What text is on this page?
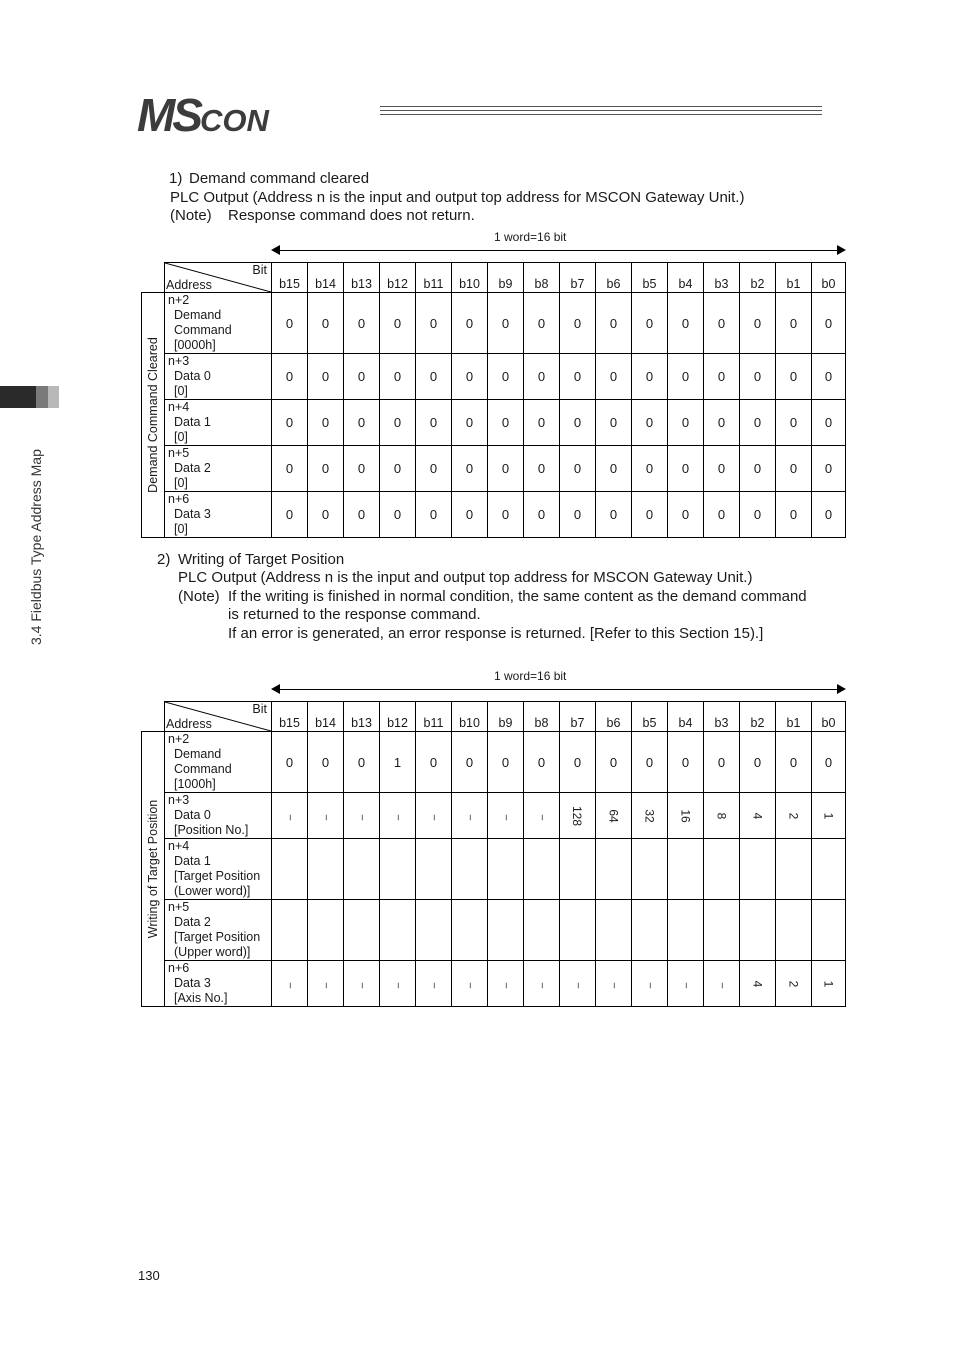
MSCON
3.4 Fieldbus Type Address Map
1) Demand command cleared
PLC Output (Address n is the input and output top address for MSCON Gateway Unit.)
(Note) Response command does not return.
1 word=16 bit

	Bit
Address	b15	b14	b13	b12	b11	b10	b9	b8	b7	b6	b5	b4	b3	b2	b1	b0

Demand Command Cleared	n+2
Demand
Command
[0000h]	0	0	0	0	0	0	0	0	0	0	0	0	0	0	0	0

	n+3
Data 0
[0]	0	0	0	0	0	0	0	0	0	0	0	0	0	0	0	0

	n+4
Data 1
[0]	0	0	0	0	0	0	0	0	0	0	0	0	0	0	0	0

	n+5
Data 2
[0]	0	0	0	0	0	0	0	0	0	0	0	0	0	0	0	0

	n+6
Data 3
[0]	0	0	0	0	0	0	0	0	0	0	0	0	0	0	0	0
2) Writing of Target Position
PLC Output (Address n is the input and output top address for MSCON Gateway Unit.)
(Note) If the writing is finished in normal condition, the same content as the demand command
is returned to the response command.
If an error is generated, an error response is returned. [Refer to this Section 15).]
1 word=16 bit

	Bit
Address	b15	b14	b13	b12	b11	b10	b9	b8	b7	b6	b5	b4	b3	b2	b1	b0

Writing of Target Position	n+2
Demand
Command
[1000h]	0	0	0	1	0	0	0	0	0	0	0	0	0	0	0	0

	n+3
Data 0
[Position No.]	–	–	–	–	–	–	–	–	128	64	32	16	8	4	2	1

	n+4
Data 1
[Target Position
(Lower word)]																

	n+5
Data 2
[Target Position
(Upper word)]																

	n+6
Data 3
[Axis No.]	–	–	–	–	–	–	–	–	–	–	–	–	–	4	2	1
130
